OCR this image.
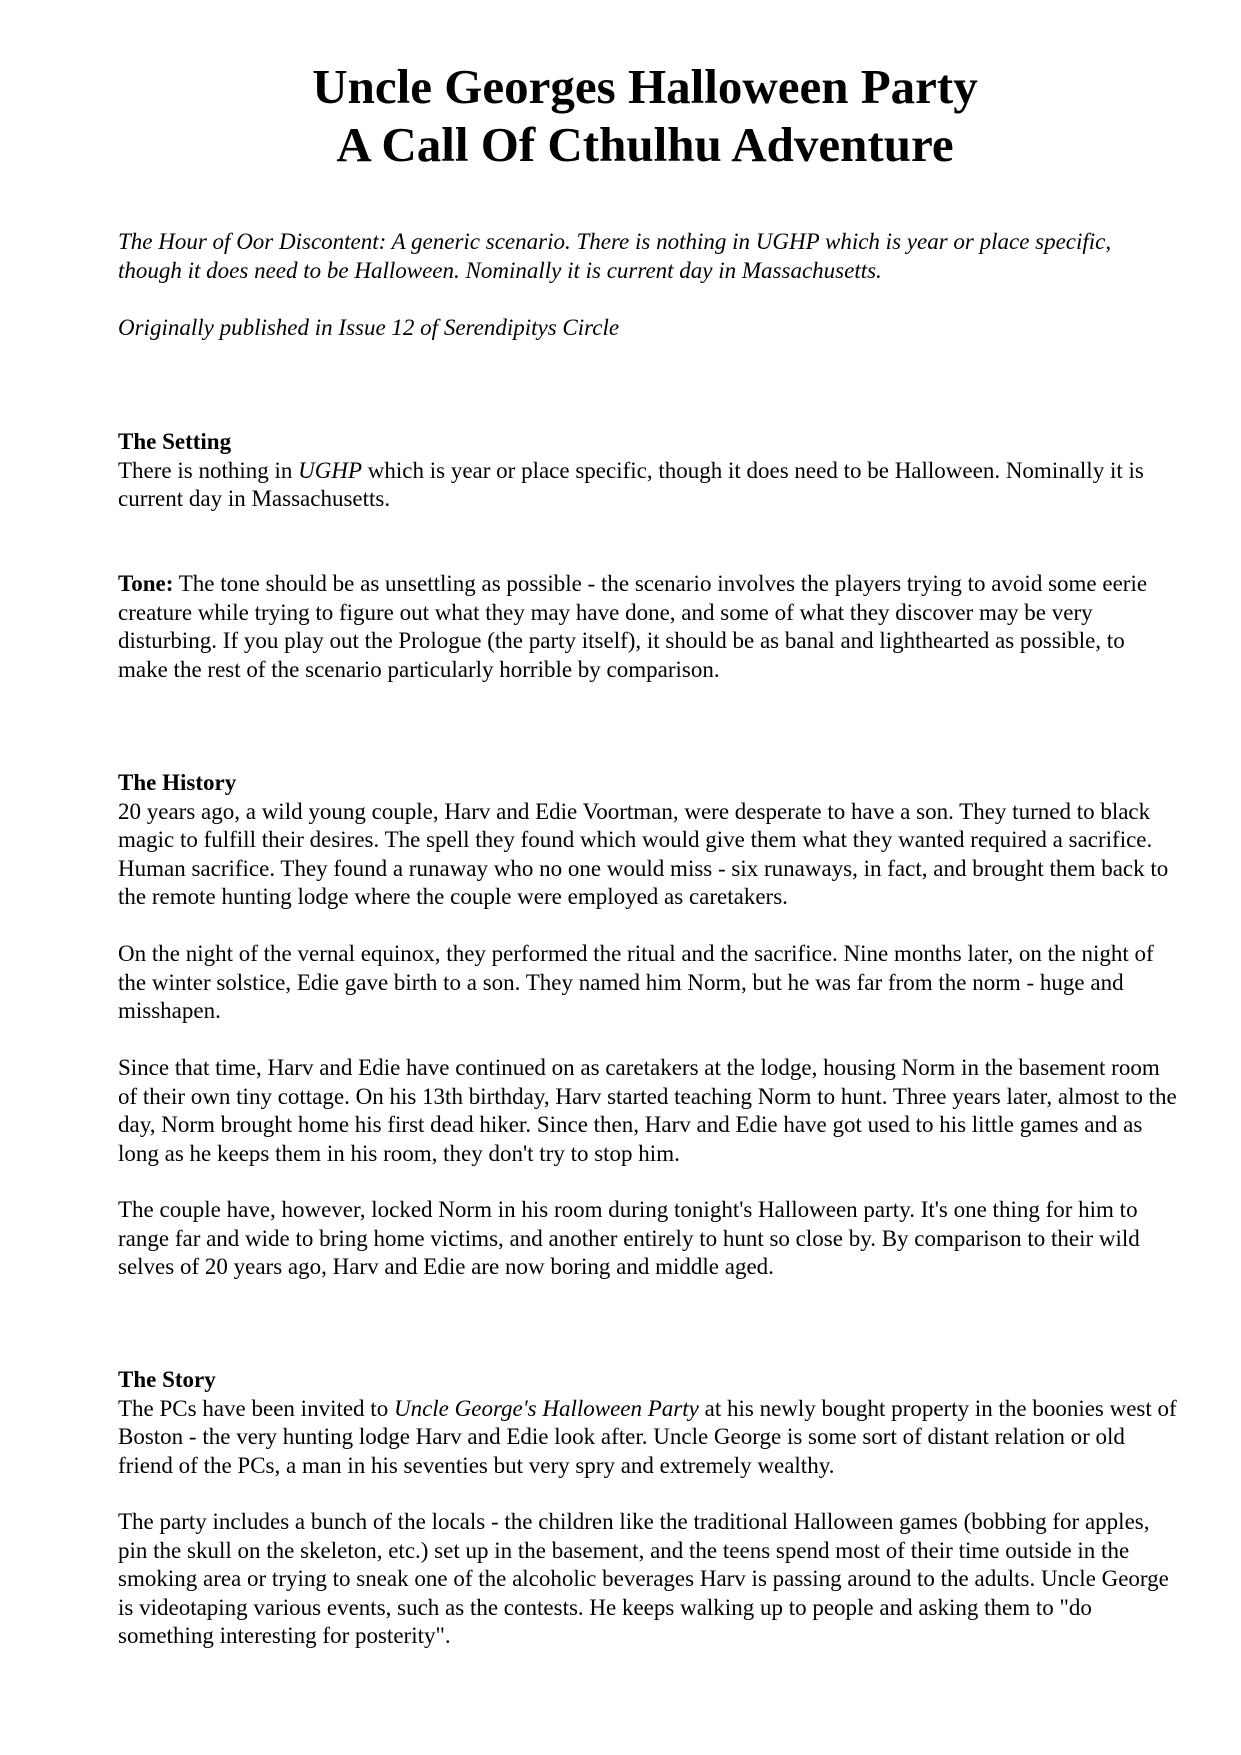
Uncle Georges Halloween Party
A Call Of Cthulhu Adventure

The Hour of Oor Discontent: A generic scenario. There is nothing in UGHP which is year or place specific, though it does need to be Halloween. Nominally it is current day in Massachusetts.

Originally published in Issue 12 of Serendipitys Circle

The Setting

There is nothing in UGHP which is year or place specific, though it does need to be Halloween. Nominally it is current day in Massachusetts.

Tone: The tone should be as unsettling as possible - the scenario involves the players trying to avoid some eerie creature while trying to figure out what they may have done, and some of what they discover may be very disturbing. If you play out the Prologue (the party itself), it should be as banal and lighthearted as possible, to make the rest of the scenario particularly horrible by comparison.

The History

20 years ago, a wild young couple, Harv and Edie Voortman, were desperate to have a son. They turned to black magic to fulfill their desires. The spell they found which would give them what they wanted required a sacrifice. Human sacrifice. They found a runaway who no one would miss - six runaways, in fact, and brought them back to the remote hunting lodge where the couple were employed as caretakers.

On the night of the vernal equinox, they performed the ritual and the sacrifice. Nine months later, on the night of the winter solstice, Edie gave birth to a son. They named him Norm, but he was far from the norm - huge and misshapen.

Since that time, Harv and Edie have continued on as caretakers at the lodge, housing Norm in the basement room of their own tiny cottage. On his 13th birthday, Harv started teaching Norm to hunt. Three years later, almost to the day, Norm brought home his first dead hiker. Since then, Harv and Edie have got used to his little games and as long as he keeps them in his room, they don't try to stop him.

The couple have, however, locked Norm in his room during tonight's Halloween party. It's one thing for him to range far and wide to bring home victims, and another entirely to hunt so close by. By comparison to their wild selves of 20 years ago, Harv and Edie are now boring and middle aged.

The Story

The PCs have been invited to Uncle George's Halloween Party at his newly bought property in the boonies west of Boston - the very hunting lodge Harv and Edie look after. Uncle George is some sort of distant relation or old friend of the PCs, a man in his seventies but very spry and extremely wealthy.

The party includes a bunch of the locals - the children like the traditional Halloween games (bobbing for apples, pin the skull on the skeleton, etc.) set up in the basement, and the teens spend most of their time outside in the smoking area or trying to sneak one of the alcoholic beverages Harv is passing around to the adults. Uncle George is videotaping various events, such as the contests. He keeps walking up to people and asking them to "do something interesting for posterity".
